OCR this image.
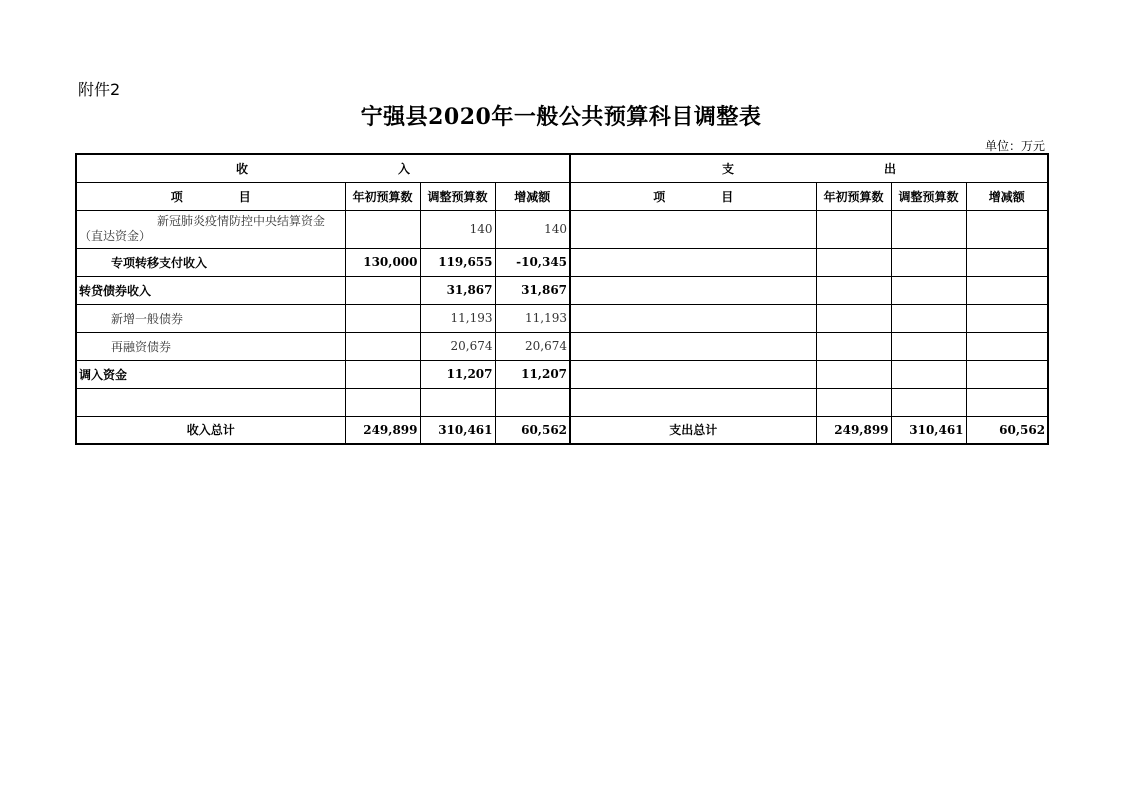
附件2
宁强县2020年一般公共预算科目调整表
单位：万元
收 入				支 出			
项 目	年初预算数	调整预算数	增减额	项 目	年初预算数	调整预算数	增减额

新冠肺炎疫情防控中央结算资金
（直达资金）		140	140				
专项转移支付收入	130,000	119,655	-10,345				
转贷债券收入		31,867	31,867				
新增一般债券		11,193	11,193				
再融资债券		20,674	20,674				
调入资金		11,207	11,207				

收入总计	249,899	310,461	60,562	支出总计	249,899	310,461	60,562
